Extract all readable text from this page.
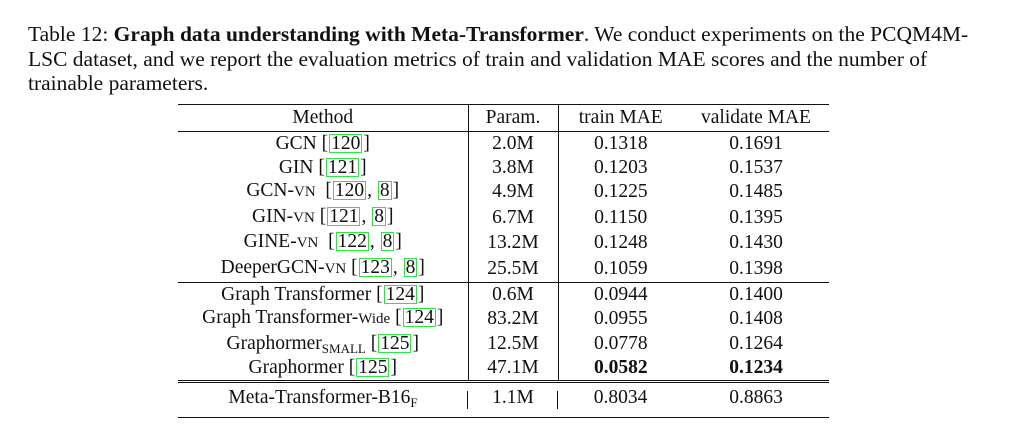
Table 12: Graph data understanding with Meta-Transformer. We conduct experiments on the PCQM4M-LSC dataset, and we report the evaluation metrics of train and validation MAE scores and the number of trainable parameters.
Method	Param.	train MAE	validate MAE
GCN [ 120 ]	2.0M	0.1318	0.1691
GIN [ 121 ]	3.8M	0.1203	0.1537
GCN-VN  [ 120 , 8 ]	4.9M	0.1225	0.1485
GIN-VN [ 121 , 8 ]	6.7M	0.1150	0.1395
GINE-VN  [ 122 , 8 ]	13.2M	0.1248	0.1430
DeeperGCN-VN [ 123 , 8 ]	25.5M	0.1059	0.1398
Graph Transformer [ 124 ]	0.6M	0.0944	0.1400
Graph Transformer-Wide [ 124 ]	83.2M	0.0955	0.1408
Graphormer$_{SMALL}$ [ 125 ]	12.5M	0.0778	0.1264
Graphormer [ 125 ]	47.1M	0.0582	0.1234
Meta-$Transformer-B16_F$	1.1M	0.8034	0.8863
